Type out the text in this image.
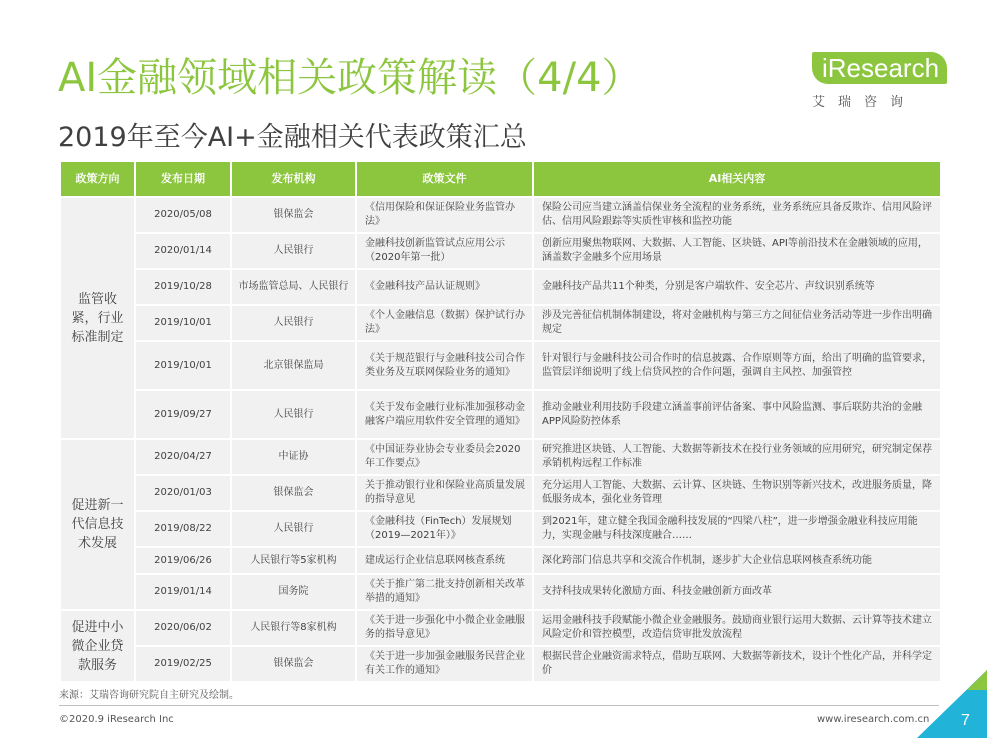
AI金融领域相关政策解读（4/4）
2019年至今AI+金融相关代表政策汇总
iResearch
艾瑞咨询
政策方向	发布日期	发布机构	政策文件	AI相关内容
监管收紧，行业标准制定	2020/05/08	银保监会	《信用保险和保证保险业务监管办法》	保险公司应当建立涵盖信保业务全流程的业务系统，业务系统应具备反欺诈、信用风险评估、信用风险跟踪等实质性审核和监控功能
	2020/01/14	人民银行	金融科技创新监管试点应用公示（2020年第一批）	创新应用聚焦物联网、大数据、人工智能、区块链、API等前沿技术在金融领域的应用，涵盖数字金融多个应用场景
	2019/10/28	市场监管总局、人民银行	《金融科技产品认证规则》	金融科技产品共11个种类，分别是客户端软件、安全芯片、声纹识别系统等
	2019/10/01	人民银行	《个人金融信息（数据）保护试行办法》	涉及完善征信机制体制建设，将对金融机构与第三方之间征信业务活动等进一步作出明确规定
	2019/10/01	北京银保监局	《关于规范银行与金融科技公司合作类业务及互联网保险业务的通知》	针对银行与金融科技公司合作时的信息披露、合作原则等方面，给出了明确的监管要求，监管层详细说明了线上信贷风控的合作问题，强调自主风控、加强管控
	2019/09/27	人民银行	《关于发布金融行业标准加强移动金融客户端应用软件安全管理的通知》	推动金融业利用技防手段建立涵盖事前评估备案、事中风险监测、事后联防共治的金融APP风险防控体系
促进新一代信息技术发展	2020/04/27	中证协	《中国证券业协会专业委员会2020年工作要点》	研究推进区块链、人工智能、大数据等新技术在投行业务领域的应用研究，研究制定保荐承销机构远程工作标准
	2020/01/03	银保监会	关于推动银行业和保险业高质量发展的指导意见	充分运用人工智能、大数据、云计算、区块链、生物识别等新兴技术，改进服务质量，降低服务成本，强化业务管理
	2019/08/22	人民银行	《金融科技（FinTech）发展规划（2019—2021年）》	到2021年，建立健全我国金融科技发展的“四梁八柱”，进一步增强金融业科技应用能力，实现金融与科技深度融合……
	2019/06/26	人民银行等5家机构	建成运行企业信息联网核查系统	深化跨部门信息共享和交流合作机制，逐步扩大企业信息联网核查系统功能
	2019/01/14	国务院	《关于推广第二批支持创新相关改革举措的通知》	支持科技成果转化激励方面、科技金融创新方面改革
促进中小微企业贷款服务	2020/06/02	人民银行等8家机构	《关于进一步强化中小微企业金融服务的指导意见》	运用金融科技手段赋能小微企业金融服务。鼓励商业银行运用大数据、云计算等技术建立风险定价和管控模型，改造信贷审批发放流程
	2019/02/25	银保监会	《关于进一步加强金融服务民营企业有关工作的通知》	根据民营企业融资需求特点，借助互联网、大数据等新技术，设计个性化产品，并科学定价
来源：艾瑞咨询研究院自主研究及绘制。
©2020.9 iResearch Inc	www.iresearch.com.cn 7
